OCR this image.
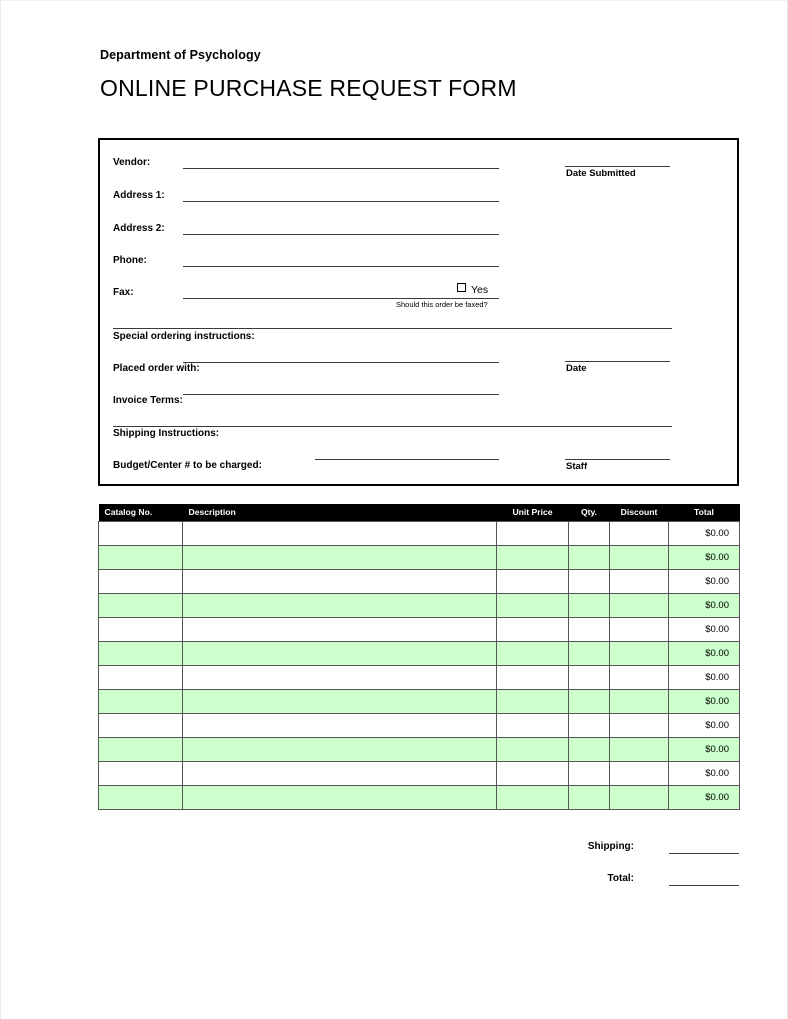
Department of Psychology
ONLINE PURCHASE REQUEST FORM
Vendor:
Address 1:
Address 2:
Phone:
Fax:	Yes
Should this order be faxed?
Date Submitted
Special ordering instructions:
Placed order with:	Date
Invoice Terms:
Shipping Instructions:
Budget/Center # to be charged:	Staff
Catalog No.	Description	Unit Price	Qty.	Discount	Total
					$0.00
					$0.00
					$0.00
					$0.00
					$0.00
					$0.00
					$0.00
					$0.00
					$0.00
					$0.00
					$0.00
					$0.00
Shipping:
Total:
